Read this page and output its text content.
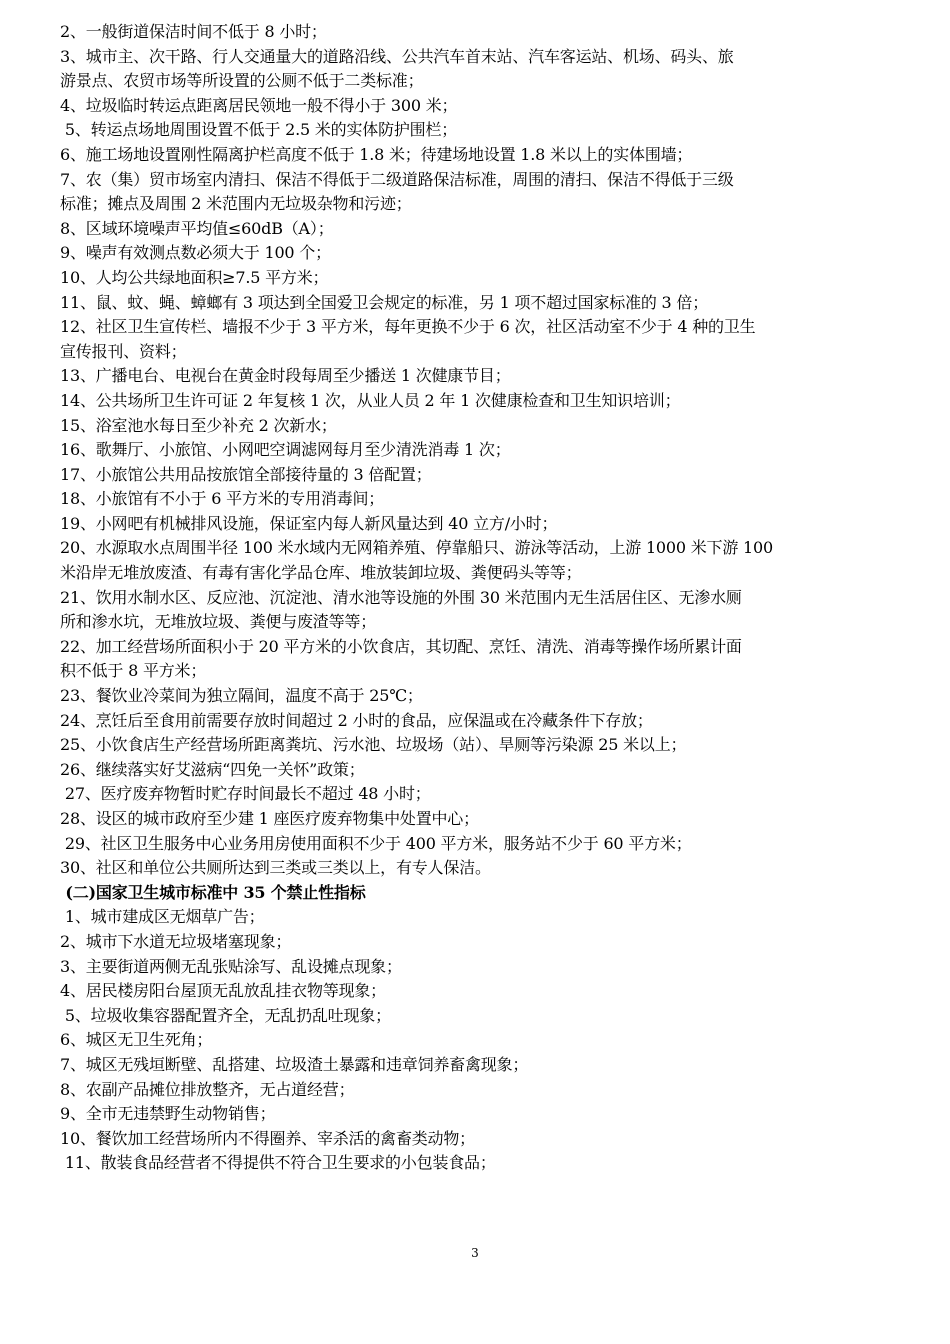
2、一般街道保洁时间不低于 8 小时；
3、城市主、次干路、行人交通量大的道路沿线、公共汽车首末站、汽车客运站、机场、码头、旅
游景点、农贸市场等所设置的公厕不低于二类标准；
4、垃圾临时转运点距离居民领地一般不得小于 300 米；
5、转运点场地周围设置不低于 2.5 米的实体防护围栏；
6、施工场地设置刚性隔离护栏高度不低于 1.8 米；待建场地设置 1.8 米以上的实体围墙；
7、农（集）贸市场室内清扫、保洁不得低于二级道路保洁标准，周围的清扫、保洁不得低于三级
标准；摊点及周围 2 米范围内无垃圾杂物和污迹；
8、区域环境噪声平均值≤60dB（A）；
9、噪声有效测点数必须大于 100 个；
10、人均公共绿地面积≥7.5 平方米；
11、鼠、蚊、蝇、蟑螂有 3 项达到全国爱卫会规定的标准，另 1 项不超过国家标准的 3 倍；
12、社区卫生宣传栏、墙报不少于 3 平方米，每年更换不少于 6 次，社区活动室不少于 4 种的卫生
宣传报刊、资料；
13、广播电台、电视台在黄金时段每周至少播送 1 次健康节目；
14、公共场所卫生许可证 2 年复核 1 次，从业人员 2 年 1 次健康检查和卫生知识培训；
15、浴室池水每日至少补充 2 次新水；
16、歌舞厅、小旅馆、小网吧空调滤网每月至少清洗消毒 1 次；
17、小旅馆公共用品按旅馆全部接待量的 3 倍配置；
18、小旅馆有不小于 6 平方米的专用消毒间；
19、小网吧有机械排风设施，保证室内每人新风量达到 40 立方/小时；
20、水源取水点周围半径 100 米水域内无网箱养殖、停靠船只、游泳等活动，上游 1000 米下游 100
米沿岸无堆放废渣、有毒有害化学品仓库、堆放装卸垃圾、粪便码头等等；
21、饮用水制水区、反应池、沉淀池、清水池等设施的外围 30 米范围内无生活居住区、无渗水厕
所和渗水坑，无堆放垃圾、粪便与废渣等等；
22、加工经营场所面积小于 20 平方米的小饮食店，其切配、烹饪、清洗、消毒等操作场所累计面
积不低于 8 平方米；
23、餐饮业冷菜间为独立隔间，温度不高于 25℃；
24、烹饪后至食用前需要存放时间超过 2 小时的食品，应保温或在冷藏条件下存放；
25、小饮食店生产经营场所距离粪坑、污水池、垃圾场（站）、旱厕等污染源 25 米以上；
26、继续落实好艾滋病“四免一关怀”政策；
27、医疗废弃物暂时贮存时间最长不超过 48 小时；
28、设区的城市政府至少建 1 座医疗废弃物集中处置中心；
29、社区卫生服务中心业务用房使用面积不少于 400 平方米，服务站不少于 60 平方米；
30、社区和单位公共厕所达到三类或三类以上，有专人保洁。
(二)国家卫生城市标准中 35 个禁止性指标
1、城市建成区无烟草广告；
2、城市下水道无垃圾堵塞现象；
3、主要街道两侧无乱张贴涂写、乱设摊点现象；
4、居民楼房阳台屋顶无乱放乱挂衣物等现象；
5、垃圾收集容器配置齐全，无乱扔乱吐现象；
6、城区无卫生死角；
7、城区无残垣断壁、乱搭建、垃圾渣土暴露和违章饲养畜禽现象；
8、农副产品摊位排放整齐，无占道经营；
9、全市无违禁野生动物销售；
10、餐饮加工经营场所内不得圈养、宰杀活的禽畜类动物；
11、散装食品经营者不得提供不符合卫生要求的小包装食品；
3
